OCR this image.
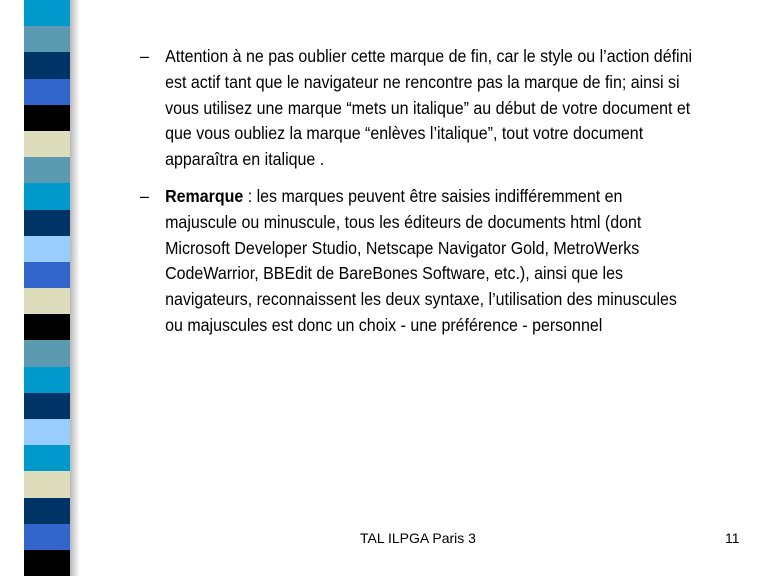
– Attention à ne pas oublier cette marque de fin, car le style ou l’action défini est actif tant que le navigateur ne rencontre pas la marque de fin; ainsi si vous utilisez une marque “mets un italique” au début de votre document et que vous oubliez la marque “enlèves l’italique”, tout votre document apparaîtra en italique .
– Remarque : les marques peuvent être saisies indifféremment en majuscule ou minuscule, tous les éditeurs de documents html (dont Microsoft Developer Studio, Netscape Navigator Gold, MetroWerks CodeWarrior, BBEdit de BareBones Software, etc.), ainsi que les navigateurs, reconnaissent les deux syntaxe, l’utilisation des minuscules ou majuscules est donc un choix - une préférence - personnel
TAL ILPGA Paris 3	11
